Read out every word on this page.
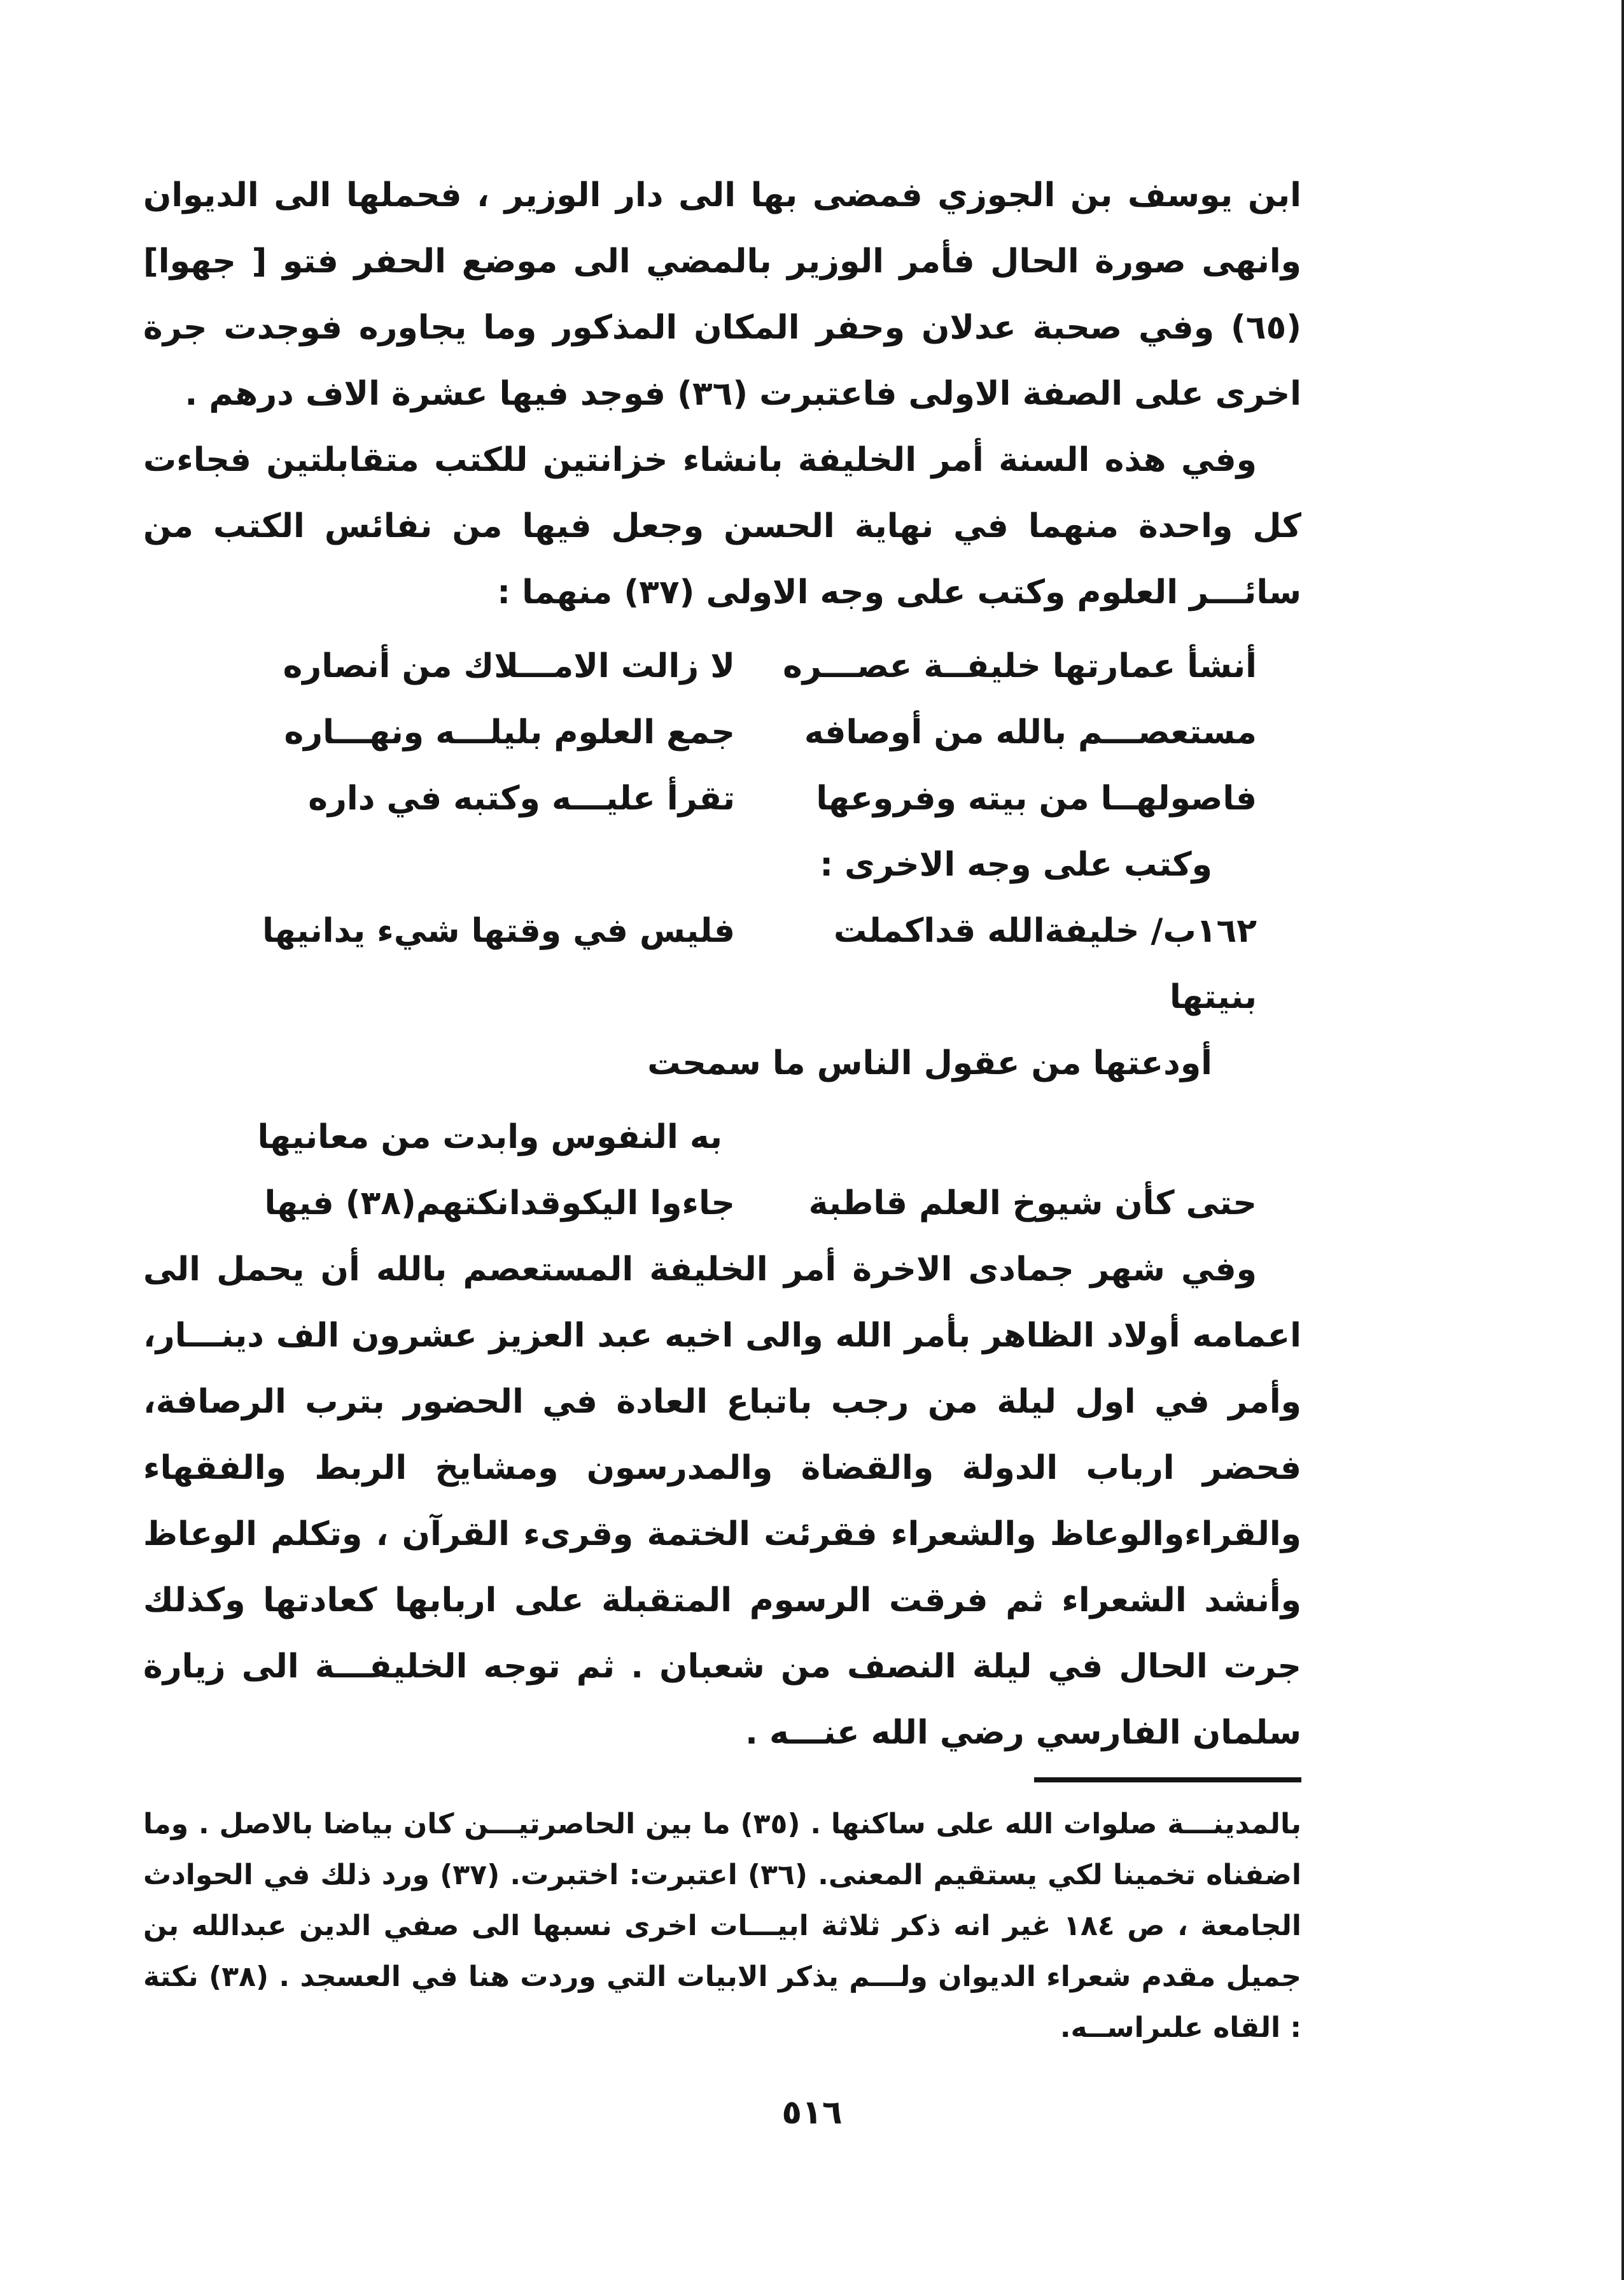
ابن يوسف بن الجوزي فمضى بها الى دار الوزير ، فحملها الى الديوان وانهى صورة الحال فأمر الوزير بالمضي الى موضع الحفر فتو [ جهوا] (٦٥) وفي صحبة عدلان وحفر المكان المذكور وما يجاوره فوجدت جرة اخرى على الصفة الاولى فاعتبرت (٣٦) فوجد فيها عشرة الاف درهم .

وفي هذه السنة أمر الخليفة بانشاء خزانتين للكتب متقابلتين فجاءت كل واحدة منهما في نهاية الحسن وجعل فيها من نفائس الكتب من سائـــر العلوم وكتب على وجه الاولى (٣٧) منهما :

أنشأ عمارتها خليفــة عصـــره
لا زالت الامـــلاك من أنصاره
مستعصـــم بالله من أوصافه
جمع العلوم بليلـــه ونهـــاره
فاصولهــا من بيته وفروعها
تقرأ عليـــه وكتبه في داره
وكتب على وجه الاخرى :
١٦٢ب/ خليفةالله قداكملت بنيتها
فليس في وقتها شيء يدانيها
أودعتها من عقول الناس ما سمحت
به النفوس وابدت من معانيها
حتى كأن شيوخ العلم قاطبة
جاءوا اليكوقدانكتهم(٣٨) فيها

وفي شهر جمادى الاخرة أمر الخليفة المستعصم بالله أن يحمل الى اعمامه أولاد الظاهر بأمر الله والى اخيه عبد العزيز عشرون الف دينـــار، وأمر في اول ليلة من رجب باتباع العادة في الحضور بترب الرصافة، فحضر ارباب الدولة والقضاة والمدرسون ومشايخ الربط والفقهاء والقراءوالوعاظ والشعراء فقرئت الختمة وقرىء القرآن ، وتكلم الوعاظ وأنشد الشعراء ثم فرقت الرسوم المتقبلة على اربابها كعادتها وكذلك جرت الحال في ليلة النصف من شعبان . ثم توجه الخليفـــة الى زيارة سلمان الفارسي رضي الله عنـــه .

بالمدينـــة صلوات الله على ساكنها . (٣٥) ما بين الحاصرتيـــن كان بياضا بالاصل . وما اضفناه تخمينا لكي يستقيم المعنى. (٣٦) اعتبرت: اختبرت. (٣٧) ورد ذلك في الحوادث الجامعة ، ص ١٨٤ غير انه ذكر ثلاثة ابيـــات اخرى نسبها الى صفي الدين عبدالله بن جميل مقدم شعراء الديوان ولـــم يذكر الابيات التي وردت هنا في العسجد . (٣٨) نكتة : القاه علىراســه.

٥١٦
